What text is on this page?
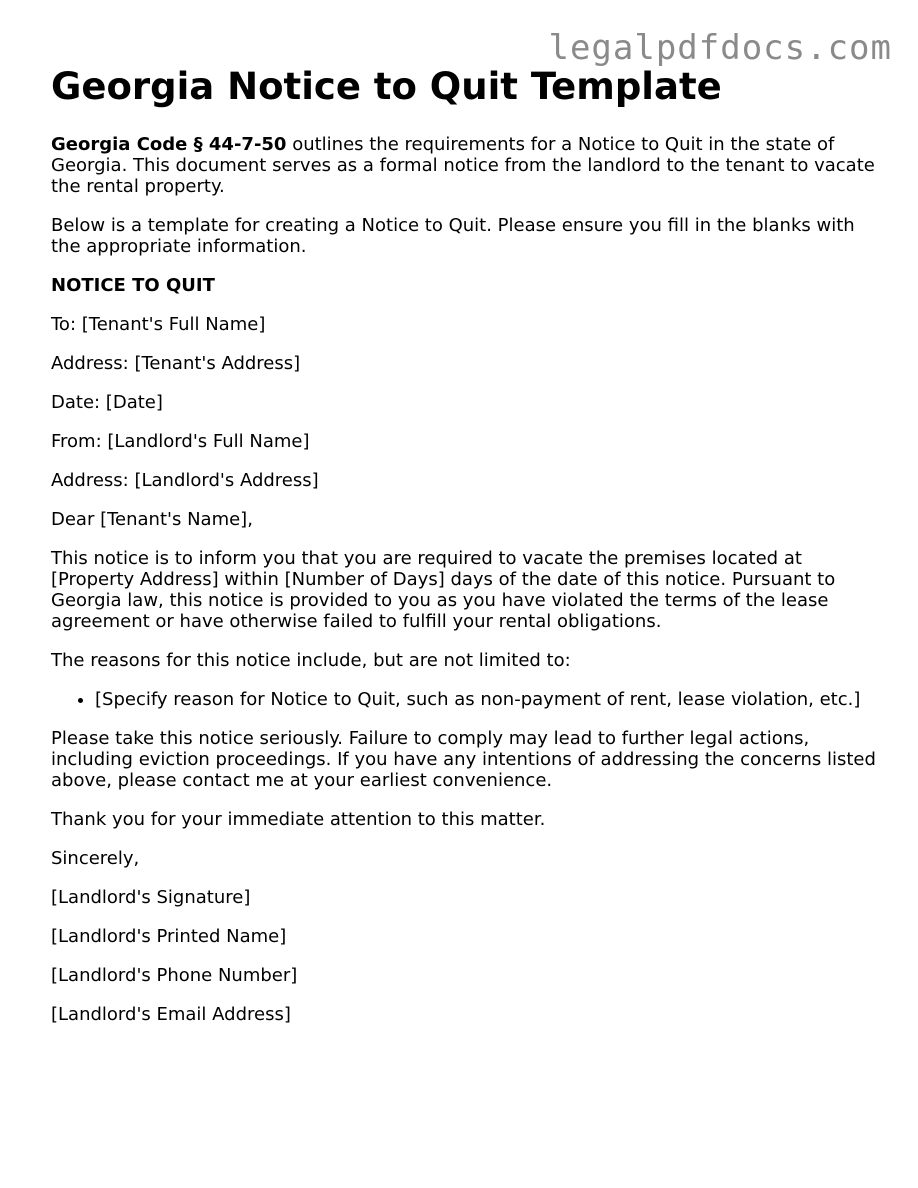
legalpdfdocs.com
Georgia Notice to Quit Template

Georgia Code § 44-7-50 outlines the requirements for a Notice to Quit in the state of Georgia. This document serves as a formal notice from the landlord to the tenant to vacate the rental property.

Below is a template for creating a Notice to Quit. Please ensure you fill in the blanks with the appropriate information.

NOTICE TO QUIT

To: [Tenant's Full Name]

Address: [Tenant's Address]

Date: [Date]

From: [Landlord's Full Name]

Address: [Landlord's Address]

Dear [Tenant's Name],

This notice is to inform you that you are required to vacate the premises located at [Property Address] within [Number of Days] days of the date of this notice. Pursuant to Georgia law, this notice is provided to you as you have violated the terms of the lease agreement or have otherwise failed to fulfill your rental obligations.

The reasons for this notice include, but are not limited to:

• [Specify reason for Notice to Quit, such as non-payment of rent, lease violation, etc.]

Please take this notice seriously. Failure to comply may lead to further legal actions, including eviction proceedings. If you have any intentions of addressing the concerns listed above, please contact me at your earliest convenience.

Thank you for your immediate attention to this matter.

Sincerely,

[Landlord's Signature]

[Landlord's Printed Name]

[Landlord's Phone Number]

[Landlord's Email Address]
